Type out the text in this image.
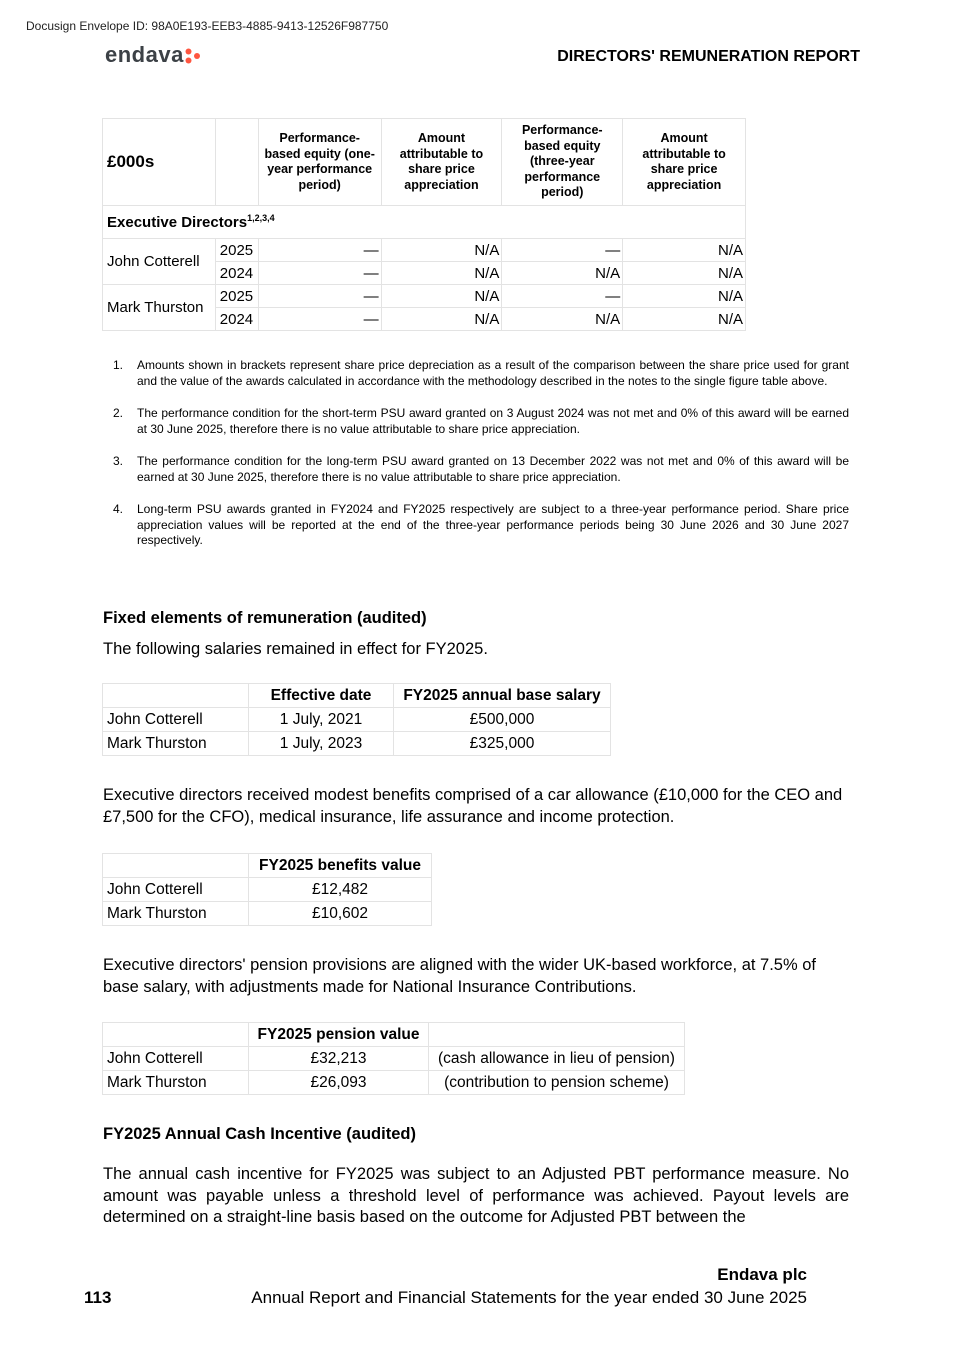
Docusign Envelope ID: 98A0E193-EEB3-4885-9413-12526F987750
endava	DIRECTORS' REMUNERATION REPORT
£000s		Performance-based equity (one-year performance period)	Amount attributable to share price appreciation	Performance-based equity (three-year performance period)	Amount attributable to share price appreciation
Executive Directors$^{1,2,3,4}$
John Cotterell	2025	—	N/A	—	N/A
	2024	—	N/A	N/A	N/A
Mark Thurston	2025	—	N/A	—	N/A
	2024	—	N/A	N/A	N/A
1. Amounts shown in brackets represent share price depreciation as a result of the comparison between the share price used for grant and the value of the awards calculated in accordance with the methodology described in the notes to the single figure table above.
2. The performance condition for the short-term PSU award granted on 3 August 2024 was not met and 0% of this award will be earned at 30 June 2025, therefore there is no value attributable to share price appreciation.
3. The performance condition for the long-term PSU award granted on 13 December 2022 was not met and 0% of this award will be earned at 30 June 2025, therefore there is no value attributable to share price appreciation.
4. Long-term PSU awards granted in FY2024 and FY2025 respectively are subject to a three-year performance period. Share price appreciation values will be reported at the end of the three-year performance periods being 30 June 2026 and 30 June 2027 respectively.
Fixed elements of remuneration (audited)
The following salaries remained in effect for FY2025.
	Effective date	FY2025 annual base salary
John Cotterell	1 July, 2021	£500,000
Mark Thurston	1 July, 2023	£325,000
Executive directors received modest benefits comprised of a car allowance (£10,000 for the CEO and £7,500 for the CFO), medical insurance, life assurance and income protection.
	FY2025 benefits value
John Cotterell	£12,482
Mark Thurston	£10,602
Executive directors' pension provisions are aligned with the wider UK-based workforce, at 7.5% of base salary, with adjustments made for National Insurance Contributions.
	FY2025 pension value	
John Cotterell	£32,213	(cash allowance in lieu of pension)
Mark Thurston	£26,093	(contribution to pension scheme)
FY2025 Annual Cash Incentive (audited)
The annual cash incentive for FY2025 was subject to an Adjusted PBT performance measure. No amount was payable unless a threshold level of performance was achieved. Payout levels are determined on a straight-line basis based on the outcome for Adjusted PBT between the
Endava plc
113	Annual Report and Financial Statements for the year ended 30 June 2025
